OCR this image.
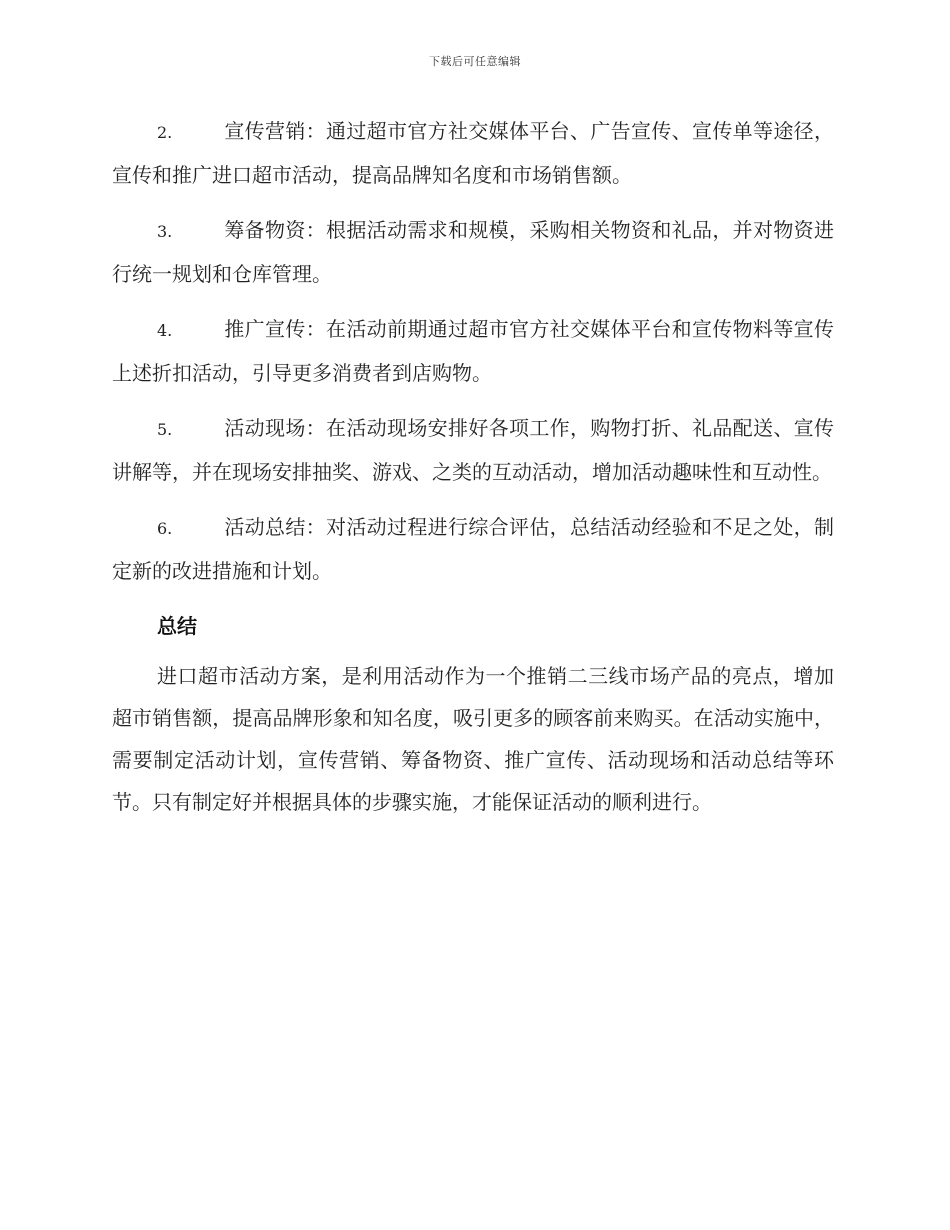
下载后可任意编辑

2.	宣传营销：通过超市官方社交媒体平台、广告宣传、宣传单等途径，宣传和推广进口超市活动，提高品牌知名度和市场销售额。

3.	筹备物资：根据活动需求和规模，采购相关物资和礼品，并对物资进行统一规划和仓库管理。

4.	推广宣传：在活动前期通过超市官方社交媒体平台和宣传物料等宣传上述折扣活动，引导更多消费者到店购物。

5.	活动现场：在活动现场安排好各项工作，购物打折、礼品配送、宣传讲解等，并在现场安排抽奖、游戏、之类的互动活动，增加活动趣味性和互动性。

6.	活动总结：对活动过程进行综合评估，总结活动经验和不足之处，制定新的改进措施和计划。

总结

进口超市活动方案，是利用活动作为一个推销二三线市场产品的亮点，增加超市销售额，提高品牌形象和知名度，吸引更多的顾客前来购买。在活动实施中，需要制定活动计划，宣传营销、筹备物资、推广宣传、活动现场和活动总结等环节。只有制定好并根据具体的步骤实施，才能保证活动的顺利进行。
